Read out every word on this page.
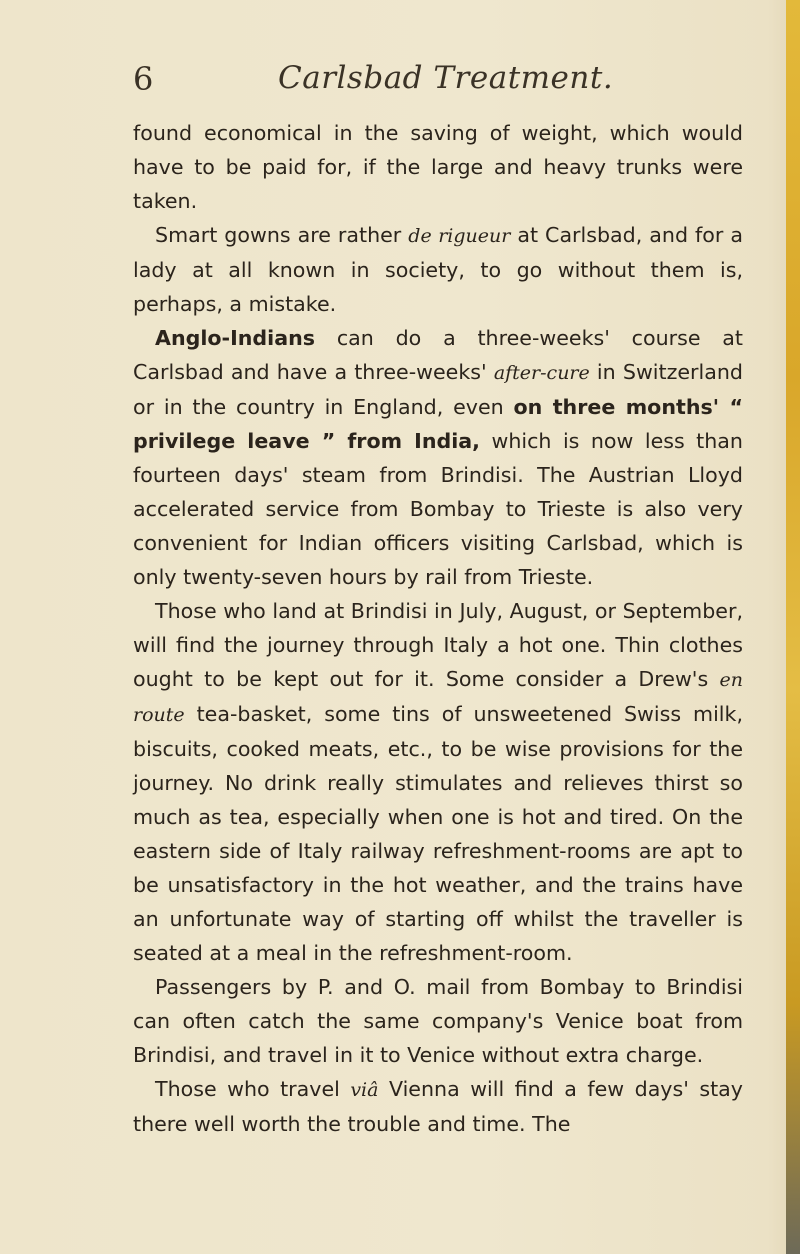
6	Carlsbad Treatment.

found economical in the saving of weight, which would have to be paid for, if the large and heavy trunks were taken.

Smart gowns are rather de rigueur at Carlsbad, and for a lady at all known in society, to go without them is, perhaps, a mistake.

Anglo-Indians can do a three-weeks' course at Carlsbad and have a three-weeks' after-cure in Switzerland or in the country in England, even on three months' “ privilege leave ” from India, which is now less than fourteen days' steam from Brindisi. The Austrian Lloyd accelerated service from Bombay to Trieste is also very convenient for Indian officers visiting Carlsbad, which is only twenty-seven hours by rail from Trieste.

Those who land at Brindisi in July, August, or September, will find the journey through Italy a hot one. Thin clothes ought to be kept out for it. Some consider a Drew's en route tea-basket, some tins of unsweetened Swiss milk, biscuits, cooked meats, etc., to be wise provisions for the journey. No drink really stimulates and relieves thirst so much as tea, especially when one is hot and tired. On the eastern side of Italy railway refreshment-rooms are apt to be unsatisfactory in the hot weather, and the trains have an unfortunate way of starting off whilst the traveller is seated at a meal in the refreshment-room.

Passengers by P. and O. mail from Bombay to Brindisi can often catch the same company's Venice boat from Brindisi, and travel in it to Venice without extra charge.

Those who travel viâ Vienna will find a few days' stay there well worth the trouble and time. The
